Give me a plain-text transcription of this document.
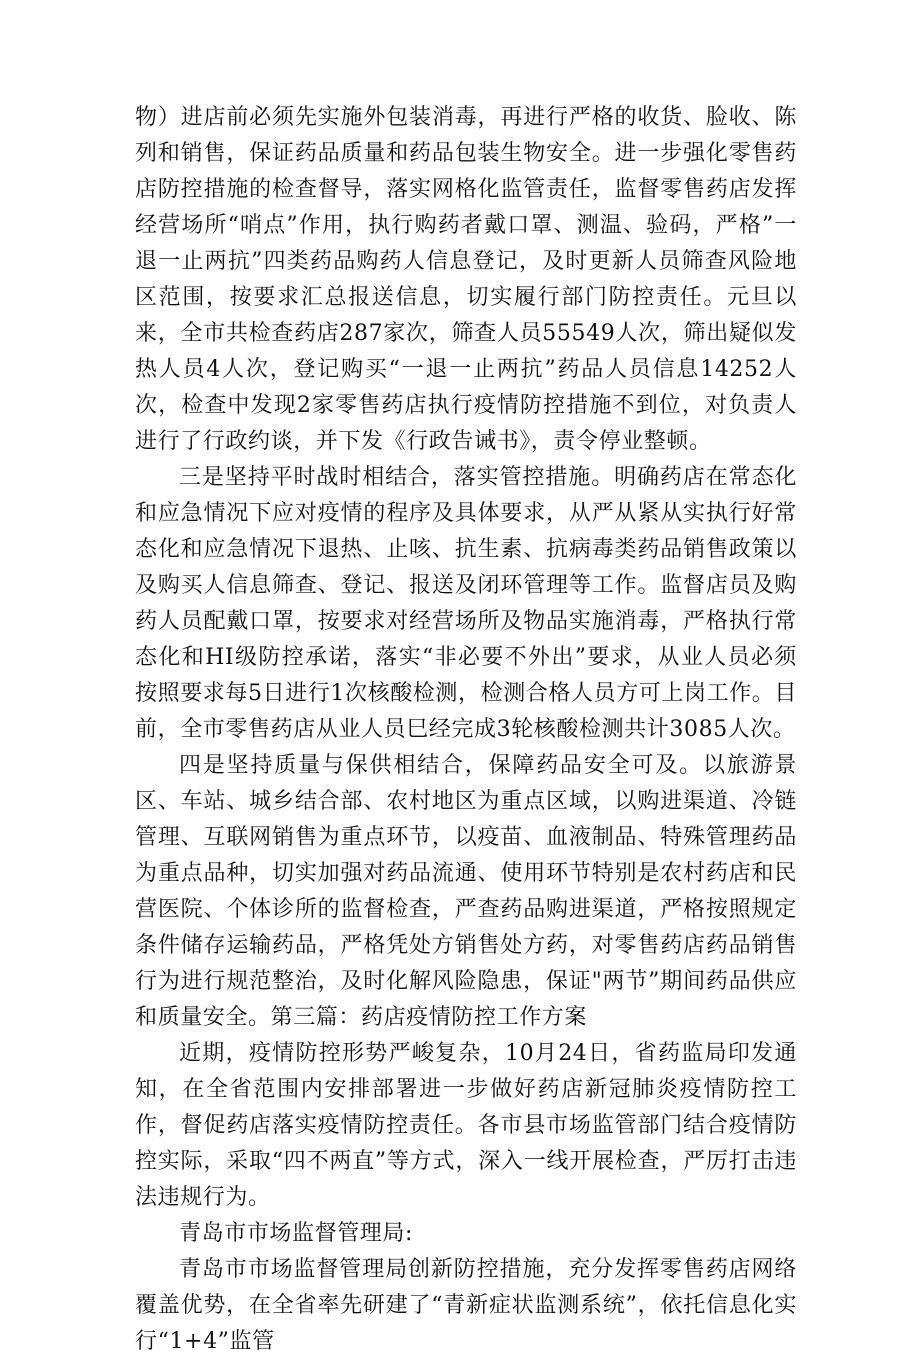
物）进店前必须先实施外包装消毒，再进行严格的收货、脸收、陈列和销售，保证药品质量和药品包装生物安全。进一步强化零售药店防控措施的检查督导，落实网格化监管责任，监督零售药店发挥经营场所“哨点”作用，执行购药者戴口罩、测温、验码，严格”一退一止两抗”四类药品购药人信息登记，及时更新人员筛查风险地区范围，按要求汇总报送信息，切实履行部门防控责任。元旦以来，全市共检查药店287家次，筛查人员55549人次，筛出疑似发热人员4人次，登记购买“一退一止两抗”药品人员信息14252人次，检查中发现2家零售药店执行疫情防控措施不到位，对负责人进行了行政约谈，并下发《行政告诫书》，责令停业整顿。

三是坚持平时战时相结合，落实管控措施。明确药店在常态化和应急情况下应对疫情的程序及具体要求，从严从紧从实执行好常态化和应急情况下退热、止咳、抗生素、抗病毒类药品销售政策以及购买人信息筛查、登记、报送及闭环管理等工作。监督店员及购药人员配戴口罩，按要求对经营场所及物品实施消毒，严格执行常态化和HI级防控承诺，落实“非必要不外出”要求，从业人员必须按照要求每5日进行1次核酸检测，检测合格人员方可上岗工作。目前，全市零售药店从业人员巳经完成3轮核酸检测共计3085人次。

四是坚持质量与保供相结合，保障药品安全可及。以旅游景区、车站、城乡结合部、农村地区为重点区域，以购进渠道、冷链管理、互联网销售为重点环节，以疫苗、血液制品、特殊管理药品为重点品种，切实加强对药品流通、使用环节特别是农村药店和民营医院、个体诊所的监督检查，严查药品购进渠道，严格按照规定条件储存运输药品，严格凭处方销售处方药，对零售药店药品销售行为进行规范整治，及时化解风险隐患，保证"两节”期间药品供应和质量安全。第三篇：药店疫情防控工作方案

近期，疫情防控形势严峻复杂，10月24日，省药监局印发通知，在全省范围内安排部署进一步做好药店新冠肺炎疫情防控工作，督促药店落实疫情防控责任。各市县市场监管部门结合疫情防控实际，采取“四不两直”等方式，深入一线开展检查，严厉打击违法违规行为。

青岛市市场监督管理局:

青岛市市场监督管理局创新防控措施，充分发挥零售药店网络覆盖优势，在全省率先研建了“青新症状监测系统”，依托信息化实行“1+4”监管
